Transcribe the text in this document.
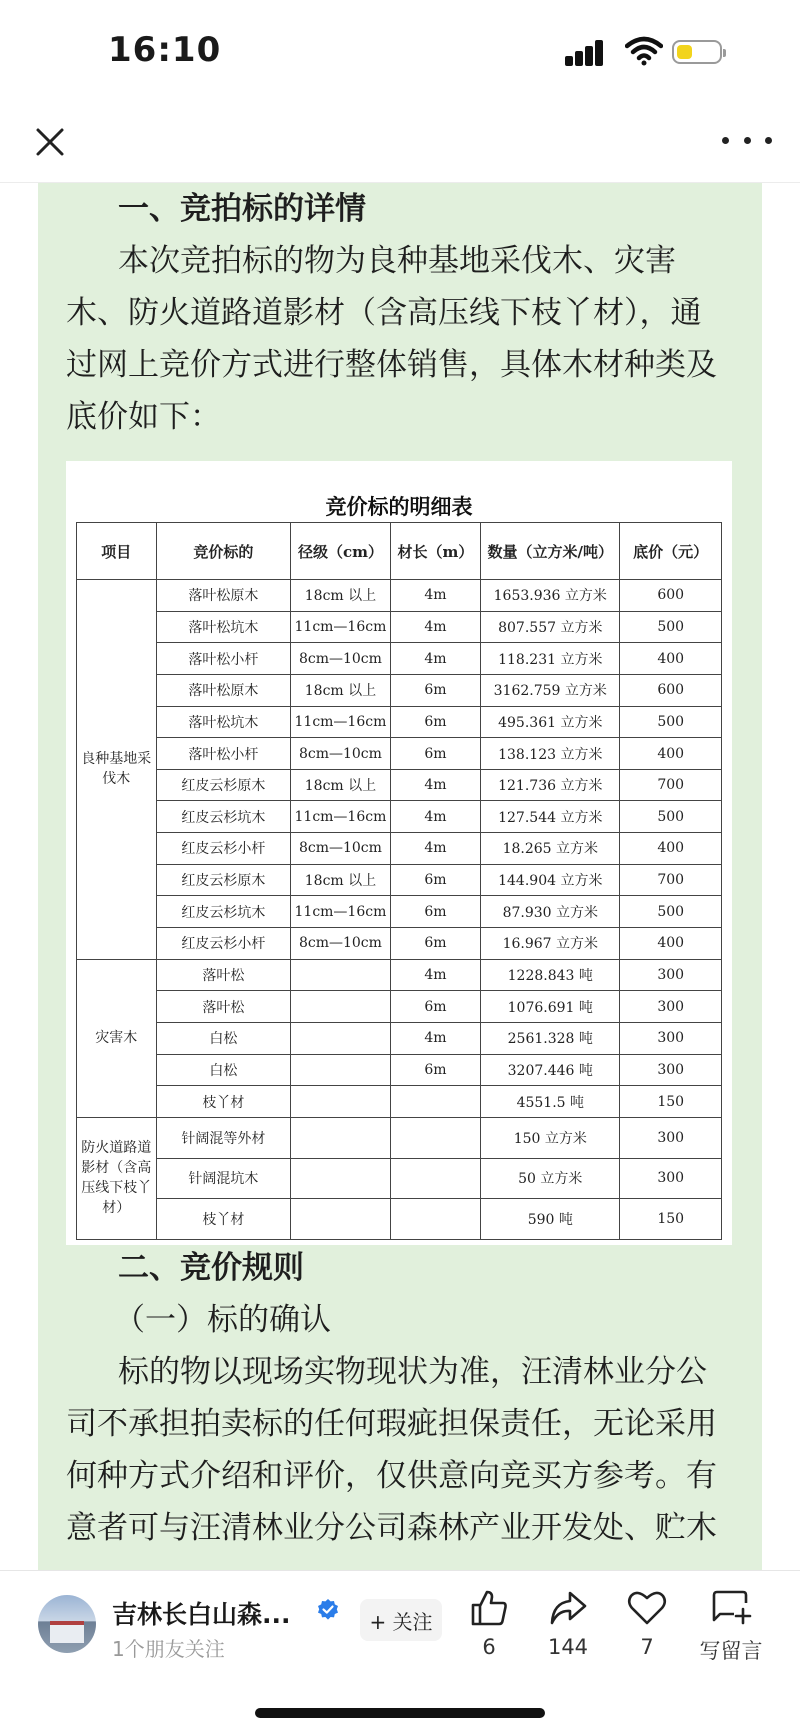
16:10

一、竞拍标的详情

本次竞拍标的物为良种基地采伐木、灾害

木、防火道路道影材（含高压线下枝丫材），通

过网上竞价方式进行整体销售，具体木材种类及

底价如下：

竞价标的明细表
项目	竞价标的	径级（cm）	材长（m）	数量（立方米/吨）	底价（元）
良种基地采伐木	落叶松原木	18cm 以上	4m	1653.936 立方米	600
	落叶松坑木	11cm—16cm	4m	807.557 立方米	500
	落叶松小杆	8cm—10cm	4m	118.231 立方米	400
	落叶松原木	18cm 以上	6m	3162.759 立方米	600
	落叶松坑木	11cm—16cm	6m	495.361 立方米	500
	落叶松小杆	8cm—10cm	6m	138.123 立方米	400
	红皮云杉原木	18cm 以上	4m	121.736 立方米	700
	红皮云杉坑木	11cm—16cm	4m	127.544 立方米	500
	红皮云杉小杆	8cm—10cm	4m	18.265 立方米	400
	红皮云杉原木	18cm 以上	6m	144.904 立方米	700
	红皮云杉坑木	11cm—16cm	6m	87.930 立方米	500
	红皮云杉小杆	8cm—10cm	6m	16.967 立方米	400
灾害木	落叶松		4m	1228.843 吨	300
	落叶松		6m	1076.691 吨	300
	白松		4m	2561.328 吨	300
	白松		6m	3207.446 吨	300
	枝丫材			4551.5 吨	150
防火道路道影材（含高压线下枝丫材）	针阔混等外材			150 立方米	300
	针阔混坑木			50 立方米	300
	枝丫材			590 吨	150

二、竞价规则

（一）标的确认

标的物以现场实物现状为准，汪清林业分公

司不承担拍卖标的任何瑕疵担保责任，无论采用

何种方式介绍和评价，仅供意向竞买方参考。有

意者可与汪清林业分公司森林产业开发处、贮木

吉林长白山森...
1个朋友关注
+ 关注
6	144	7	写留言
